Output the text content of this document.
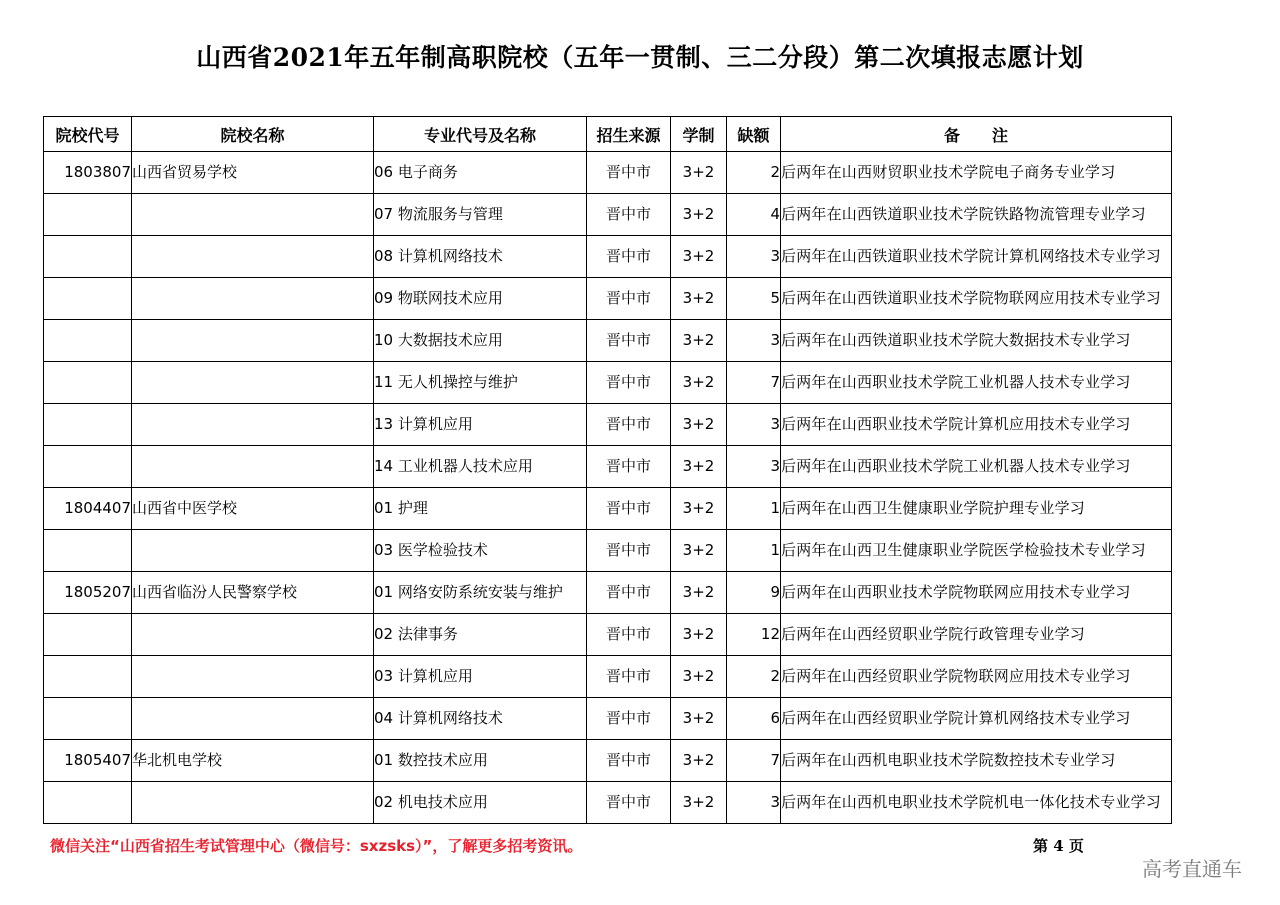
山西省2021年五年制高职院校（五年一贯制、三二分段）第二次填报志愿计划
院校代号	院校名称	专业代号及名称	招生来源	学制	缺额	备　　注
1803807	山西省贸易学校	06 电子商务	晋中市	3+2	2	后两年在山西财贸职业技术学院电子商务专业学习
		07 物流服务与管理	晋中市	3+2	4	后两年在山西铁道职业技术学院铁路物流管理专业学习
		08 计算机网络技术	晋中市	3+2	3	后两年在山西铁道职业技术学院计算机网络技术专业学习
		09 物联网技术应用	晋中市	3+2	5	后两年在山西铁道职业技术学院物联网应用技术专业学习
		10 大数据技术应用	晋中市	3+2	3	后两年在山西铁道职业技术学院大数据技术专业学习
		11 无人机操控与维护	晋中市	3+2	7	后两年在山西职业技术学院工业机器人技术专业学习
		13 计算机应用	晋中市	3+2	3	后两年在山西职业技术学院计算机应用技术专业学习
		14 工业机器人技术应用	晋中市	3+2	3	后两年在山西职业技术学院工业机器人技术专业学习
1804407	山西省中医学校	01 护理	晋中市	3+2	1	后两年在山西卫生健康职业学院护理专业学习
		03 医学检验技术	晋中市	3+2	1	后两年在山西卫生健康职业学院医学检验技术专业学习
1805207	山西省临汾人民警察学校	01 网络安防系统安装与维护	晋中市	3+2	9	后两年在山西职业技术学院物联网应用技术专业学习
		02 法律事务	晋中市	3+2	12	后两年在山西经贸职业学院行政管理专业学习
		03 计算机应用	晋中市	3+2	2	后两年在山西经贸职业学院物联网应用技术专业学习
		04 计算机网络技术	晋中市	3+2	6	后两年在山西经贸职业学院计算机网络技术专业学习
1805407	华北机电学校	01 数控技术应用	晋中市	3+2	7	后两年在山西机电职业技术学院数控技术专业学习
		02 机电技术应用	晋中市	3+2	3	后两年在山西机电职业技术学院机电一体化技术专业学习
微信关注“山西省招生考试管理中心（微信号：sxzsks）”，了解更多招考资讯。	第 4 页
高考直通车
